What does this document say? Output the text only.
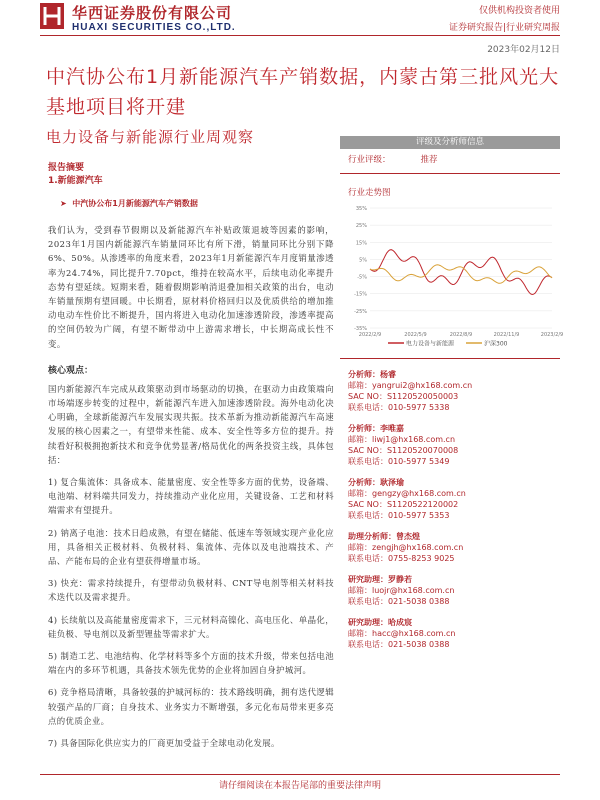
华西证券股份有限公司
HUAXI SECURITIES CO.,LTD.
仅供机构投资者使用
证券研究报告|行业研究周报
2023年02月12日
中汽协公布1月新能源汽车产销数据，内蒙古第三批风光大基地项目将开建
电力设备与新能源行业周观察
报告摘要
1.新能源汽车
➤  中汽协公布1月新能源汽车产销数据

我们认为，受到春节假期以及新能源汽车补贴政策退坡等因素的影响，2023年1月国内新能源汽车销量同环比有所下滑，销量同环比分别下降6%、50%。从渗透率的角度来看，2023年1月新能源汽车月度销量渗透率为24.74%，同比提升7.70pct，维持在较高水平，后续电动化率提升态势有望延续。短期来看，随着假期影响消退叠加相关政策的出台，电动车销量预期有望回暖。中长期看，原材料价格回归以及优质供给的增加推动电动车性价比不断提升，国内将进入电动化加速渗透阶段，渗透率提高的空间仍较为广阔，有望不断带动中上游需求增长，中长期高成长性不变。

核心观点：

国内新能源汽车完成从政策驱动到市场驱动的切换，在驱动力由政策端向市场端逐步转变的过程中，新能源汽车进入加速渗透阶段。海外电动化决心明确，全球新能源汽车发展实现共振。技术革新为推动新能源汽车高速发展的核心因素之一，有望带来性能、成本、安全性等多方位的提升。持续看好积极拥抱新技术和竞争优势显著/格局优化的两条投资主线，具体包括：

1) 复合集流体：具备成本、能量密度、安全性等多方面的优势，设备端、电池端、材料端共同发力，持续推动产业化应用，关键设备、工艺和材料端需求有望提升。

2) 钠离子电池：技术日趋成熟，有望在储能、低速车等领域实现产业化应用，具备相关正极材料、负极材料、集流体、壳体以及电池端技术、产品、产能布局的企业有望获得增量市场。

3) 快充：需求持续提升，有望带动负极材料、CNT导电剂等相关材料技术迭代以及需求提升。

4) 长续航以及高能量密度需求下，三元材料高镍化、高电压化、单晶化，硅负极、导电剂以及新型锂盐等需求扩大。

5) 制造工艺、电池结构、化学材料等多个方面的技术升级，带来包括电池端在内的多环节机遇，具备技术领先优势的企业将加固自身护城河。

6) 竞争格局清晰，具备较强的护城河标的：技术路线明确，拥有迭代逻辑较强产品的厂商；自身技术、业务实力不断增强，多元化布局带来更多亮点的优质企业。

7) 具备国际化供应实力的厂商更加受益于全球电动化发展。

评级及分析师信息
行业评级：	推荐
行业走势图
35%
25%
15%
5%
-5%
-15%
-25%
-35%
2022/2/9	2022/5/9	2022/8/9	2022/11/9	2023/2/9
电力设备与新能源	沪深300
分析师：杨睿
邮箱：yangrui2@hx168.com.cn
SAC NO：S1120520050003
联系电话：010-5977 5338
分析师：李唯嘉
邮箱：liwj1@hx168.com.cn
SAC NO：S1120520070008
联系电话：010-5977 5349
分析师：耿泽瑜
邮箱：gengzy@hx168.com.cn
SAC NO：S1120522120002
联系电话：010-5977 5353
助理分析师：曾杰煌
邮箱：zengjh@hx168.com.cn
联系电话：0755-8253 9025
研究助理：罗静若
邮箱：luojr@hx168.com.cn
联系电话：021-5038 0388
研究助理：哈成宸
邮箱：hacc@hx168.com.cn
联系电话：021-5038 0388
请仔细阅读在本报告尾部的重要法律声明
